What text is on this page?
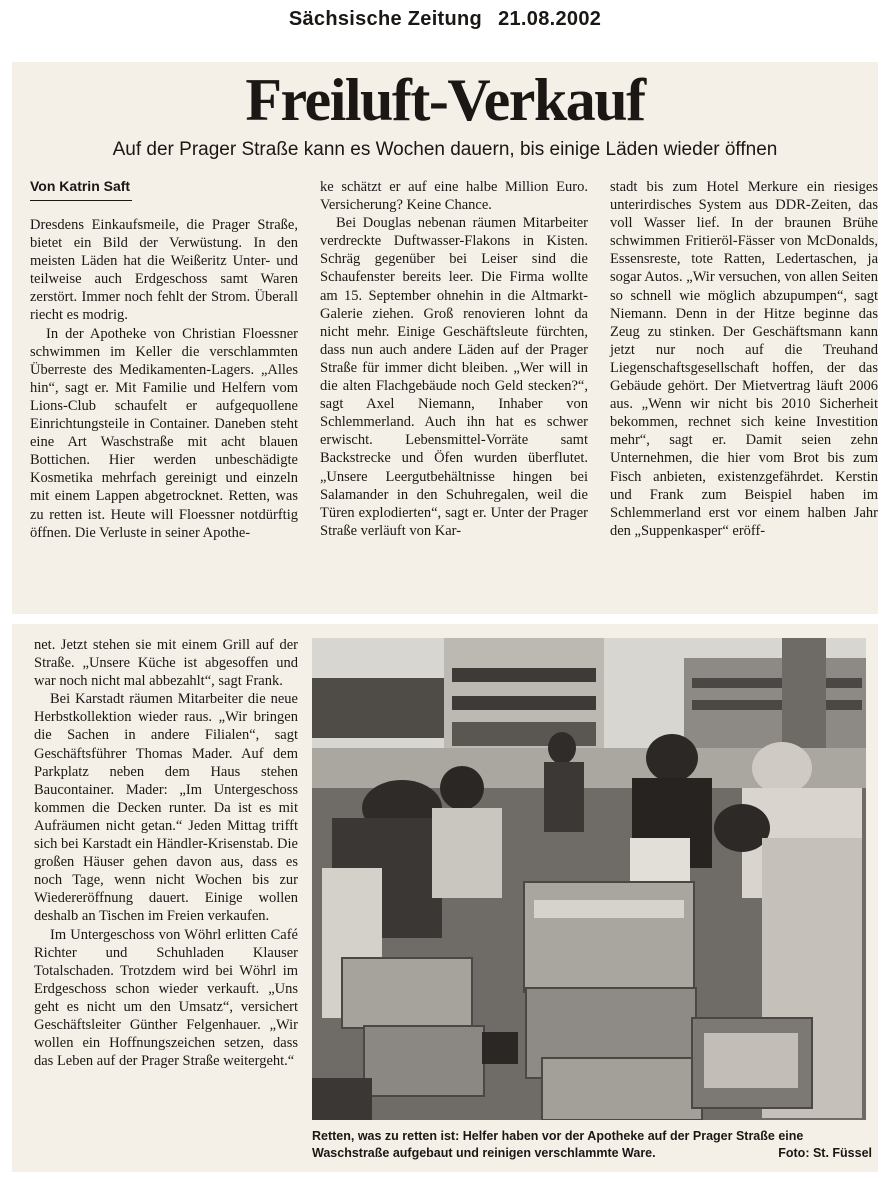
Sächsische Zeitung 21.08.2002
Freiluft-Verkauf
Auf der Prager Straße kann es Wochen dauern, bis einige Läden wieder öffnen
Von Katrin Saft

Dresdens Einkaufsmeile, die Prager Straße, bietet ein Bild der Verwüstung. In den meisten Läden hat die Weißeritz Unter- und teilweise auch Erdgeschoss samt Waren zerstört. Immer noch fehlt der Strom. Überall riecht es modrig.

In der Apotheke von Christian Floessner schwimmen im Keller die verschlammten Überreste des Medikamenten-Lagers. „Alles hin“, sagt er. Mit Familie und Helfern vom Lions-Club schaufelt er aufgequollene Einrichtungsteile in Container. Daneben steht eine Art Waschstraße mit acht blauen Bottichen. Hier werden unbeschädigte Kosmetika mehrfach gereinigt und einzeln mit einem Lappen abgetrocknet. Retten, was zu retten ist. Heute will Floessner notdürftig öffnen. Die Verluste in seiner Apothe-

ke schätzt er auf eine halbe Million Euro. Versicherung? Keine Chance.

Bei Douglas nebenan räumen Mitarbeiter verdreckte Duftwasser-Flakons in Kisten. Schräg gegenüber bei Leiser sind die Schaufenster bereits leer. Die Firma wollte am 15. September ohnehin in die Altmarkt-Galerie ziehen. Groß renovieren lohnt da nicht mehr. Einige Geschäftsleute fürchten, dass nun auch andere Läden auf der Prager Straße für immer dicht bleiben. „Wer will in die alten Flachgebäude noch Geld stecken?“, sagt Axel Niemann, Inhaber von Schlemmerland. Auch ihn hat es schwer erwischt. Lebensmittel-Vorräte samt Backstrecke und Öfen wurden überflutet. „Unsere Leergutbehältnisse hingen bei Salamander in den Schuhregalen, weil die Türen explodierten“, sagt er. Unter der Prager Straße verläuft von Kar-

stadt bis zum Hotel Merkure ein riesiges unterirdisches System aus DDR-Zeiten, das voll Wasser lief. In der braunen Brühe schwimmen Fritieröl-Fässer von McDonalds, Essensreste, tote Ratten, Ledertaschen, ja sogar Autos. „Wir versuchen, von allen Seiten so schnell wie möglich abzupumpen“, sagt Niemann. Denn in der Hitze beginne das Zeug zu stinken. Der Geschäftsmann kann jetzt nur noch auf die Treuhand Liegenschaftsgesellschaft hoffen, der das Gebäude gehört. Der Mietvertrag läuft 2006 aus. „Wenn wir nicht bis 2010 Sicherheit bekommen, rechnet sich keine Investition mehr“, sagt er. Damit seien zehn Unternehmen, die hier vom Brot bis zum Fisch anbieten, existenzgefährdet. Kerstin und Frank zum Beispiel haben im Schlemmerland erst vor einem halben Jahr den „Suppenkasper“ eröff-

net. Jetzt stehen sie mit einem Grill auf der Straße. „Unsere Küche ist abgesoffen und war noch nicht mal abbezahlt“, sagt Frank.

Bei Karstadt räumen Mitarbeiter die neue Herbstkollektion wieder raus. „Wir bringen die Sachen in andere Filialen“, sagt Geschäftsführer Thomas Mader. Auf dem Parkplatz neben dem Haus stehen Baucontainer. Mader: „Im Untergeschoss kommen die Decken runter. Da ist es mit Aufräumen nicht getan.“ Jeden Mittag trifft sich bei Karstadt ein Händler-Krisenstab. Die großen Häuser gehen davon aus, dass es noch Tage, wenn nicht Wochen bis zur Wiedereröffnung dauert. Einige wollen deshalb an Tischen im Freien verkaufen.

Im Untergeschoss von Wöhrl erlitten Café Richter und Schuhladen Klauser Totalschaden. Trotzdem wird bei Wöhrl im Erdgeschoss schon wieder verkauft. „Uns geht es nicht um den Umsatz“, versichert Geschäftsleiter Günther Felgenhauer. „Wir wollen ein Hoffnungszeichen setzen, dass das Leben auf der Prager Straße weitergeht.“

Retten, was zu retten ist: Helfer haben vor der Apotheke auf der Prager Straße eine Waschstraße aufgebaut und reinigen verschlammte Ware.	Foto: St. Füssel
